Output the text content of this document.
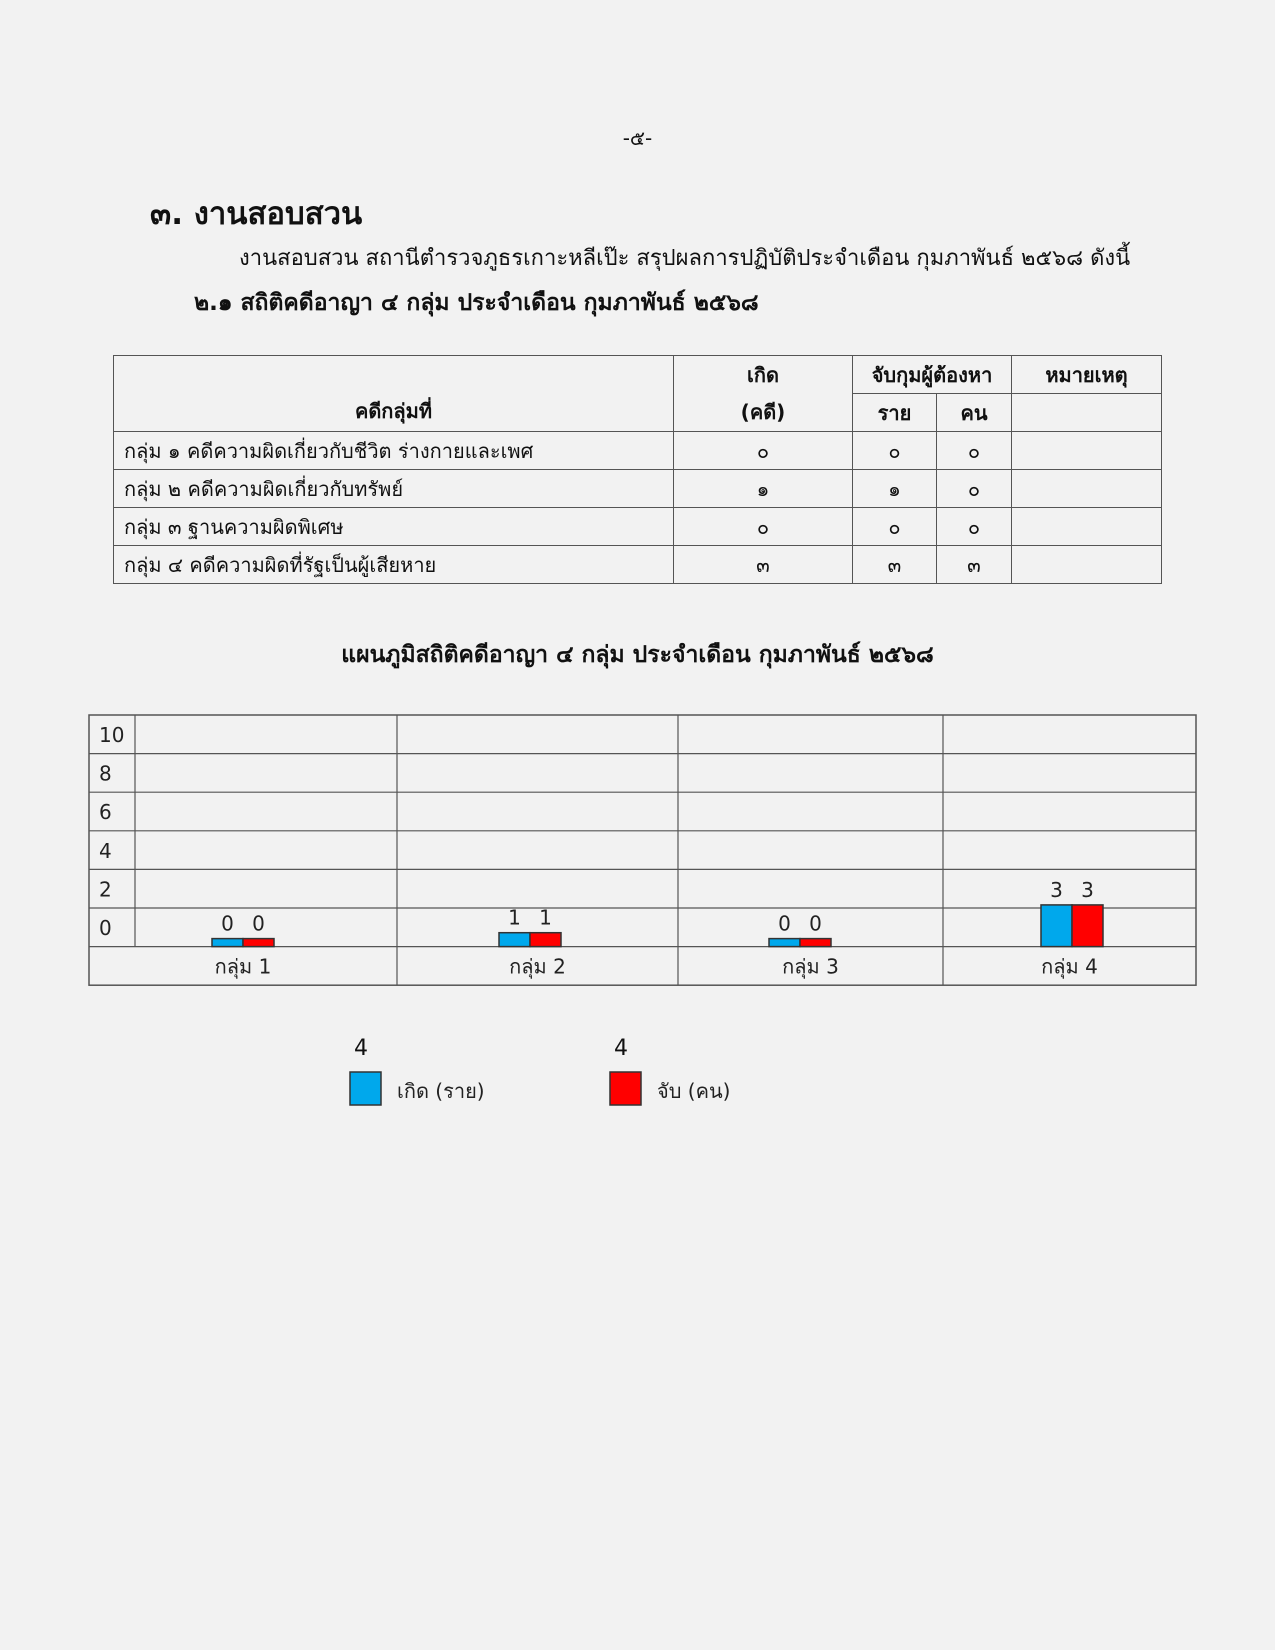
-๕-
๓. งานสอบสวน
งานสอบสวน สถานีตำรวจภูธรเกาะหลีเป๊ะ สรุปผลการปฏิบัติประจำเดือน กุมภาพันธ์ ๒๕๖๘ ดังนี้
๒.๑ สถิติคดีอาญา ๔ กลุ่ม ประจำเดือน กุมภาพันธ์ ๒๕๖๘
คดีกลุ่มที่	เกิด	จับกุมผู้ต้องหา		หมายเหตุ
	(คดี)	ราย	คน	
กลุ่ม ๑ คดีความผิดเกี่ยวกับชีวิต ร่างกายและเพศ	๐	๐	๐	
กลุ่ม ๒ คดีความผิดเกี่ยวกับทรัพย์	๑	๑	๐	
กลุ่ม ๓ ฐานความผิดพิเศษ	๐	๐	๐	
กลุ่ม ๔ คดีความผิดที่รัฐเป็นผู้เสียหาย	๓	๓	๓	
แผนภูมิสถิติคดีอาญา ๔ กลุ่ม ประจำเดือน กุมภาพันธ์ ๒๕๖๘
10
8
6
4
2
0
กลุ่ม 1	กลุ่ม 2	กลุ่ม 3	กลุ่ม 4
0 0	1 1	0 0
3 3
4
เกิด (ราย)
4
จับ (คน)
